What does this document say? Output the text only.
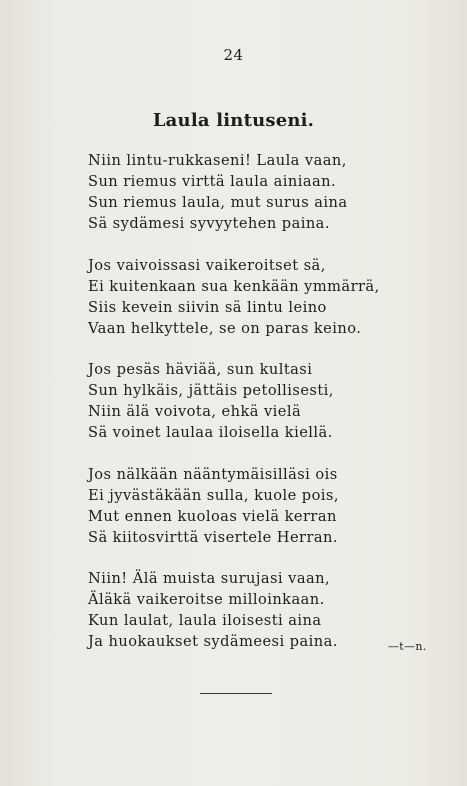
24
Laula lintuseni.
Niin lintu-rukkaseni! Laula vaan,
Sun riemus virttä laula ainiaan.
Sun riemus laula, mut surus aina
Sä sydämesi syvyytehen paina.
Jos vaivoissasi vaikeroitset sä,
Ei kuitenkaan sua kenkään ymmärrä,
Siis kevein siivin sä lintu leino
Vaan helkyttele, se on paras keino.
Jos pesäs häviää, sun kultasi
Sun hylkäis, jättäis petollisesti,
Niin älä voivota, ehkä vielä
Sä voinet laulaa iloisella kiellä.
Jos nälkään nääntymäisilläsi ois
Ei jyvästäkään sulla, kuole pois,
Mut ennen kuoloas vielä kerran
Sä kiitosvirttä visertele Herran.
Niin! Älä muista surujasi vaan,
Äläkä vaikeroitse milloinkaan.
Kun laulat, laula iloisesti aina
Ja huokaukset sydämeesi paina.	—t—n.
